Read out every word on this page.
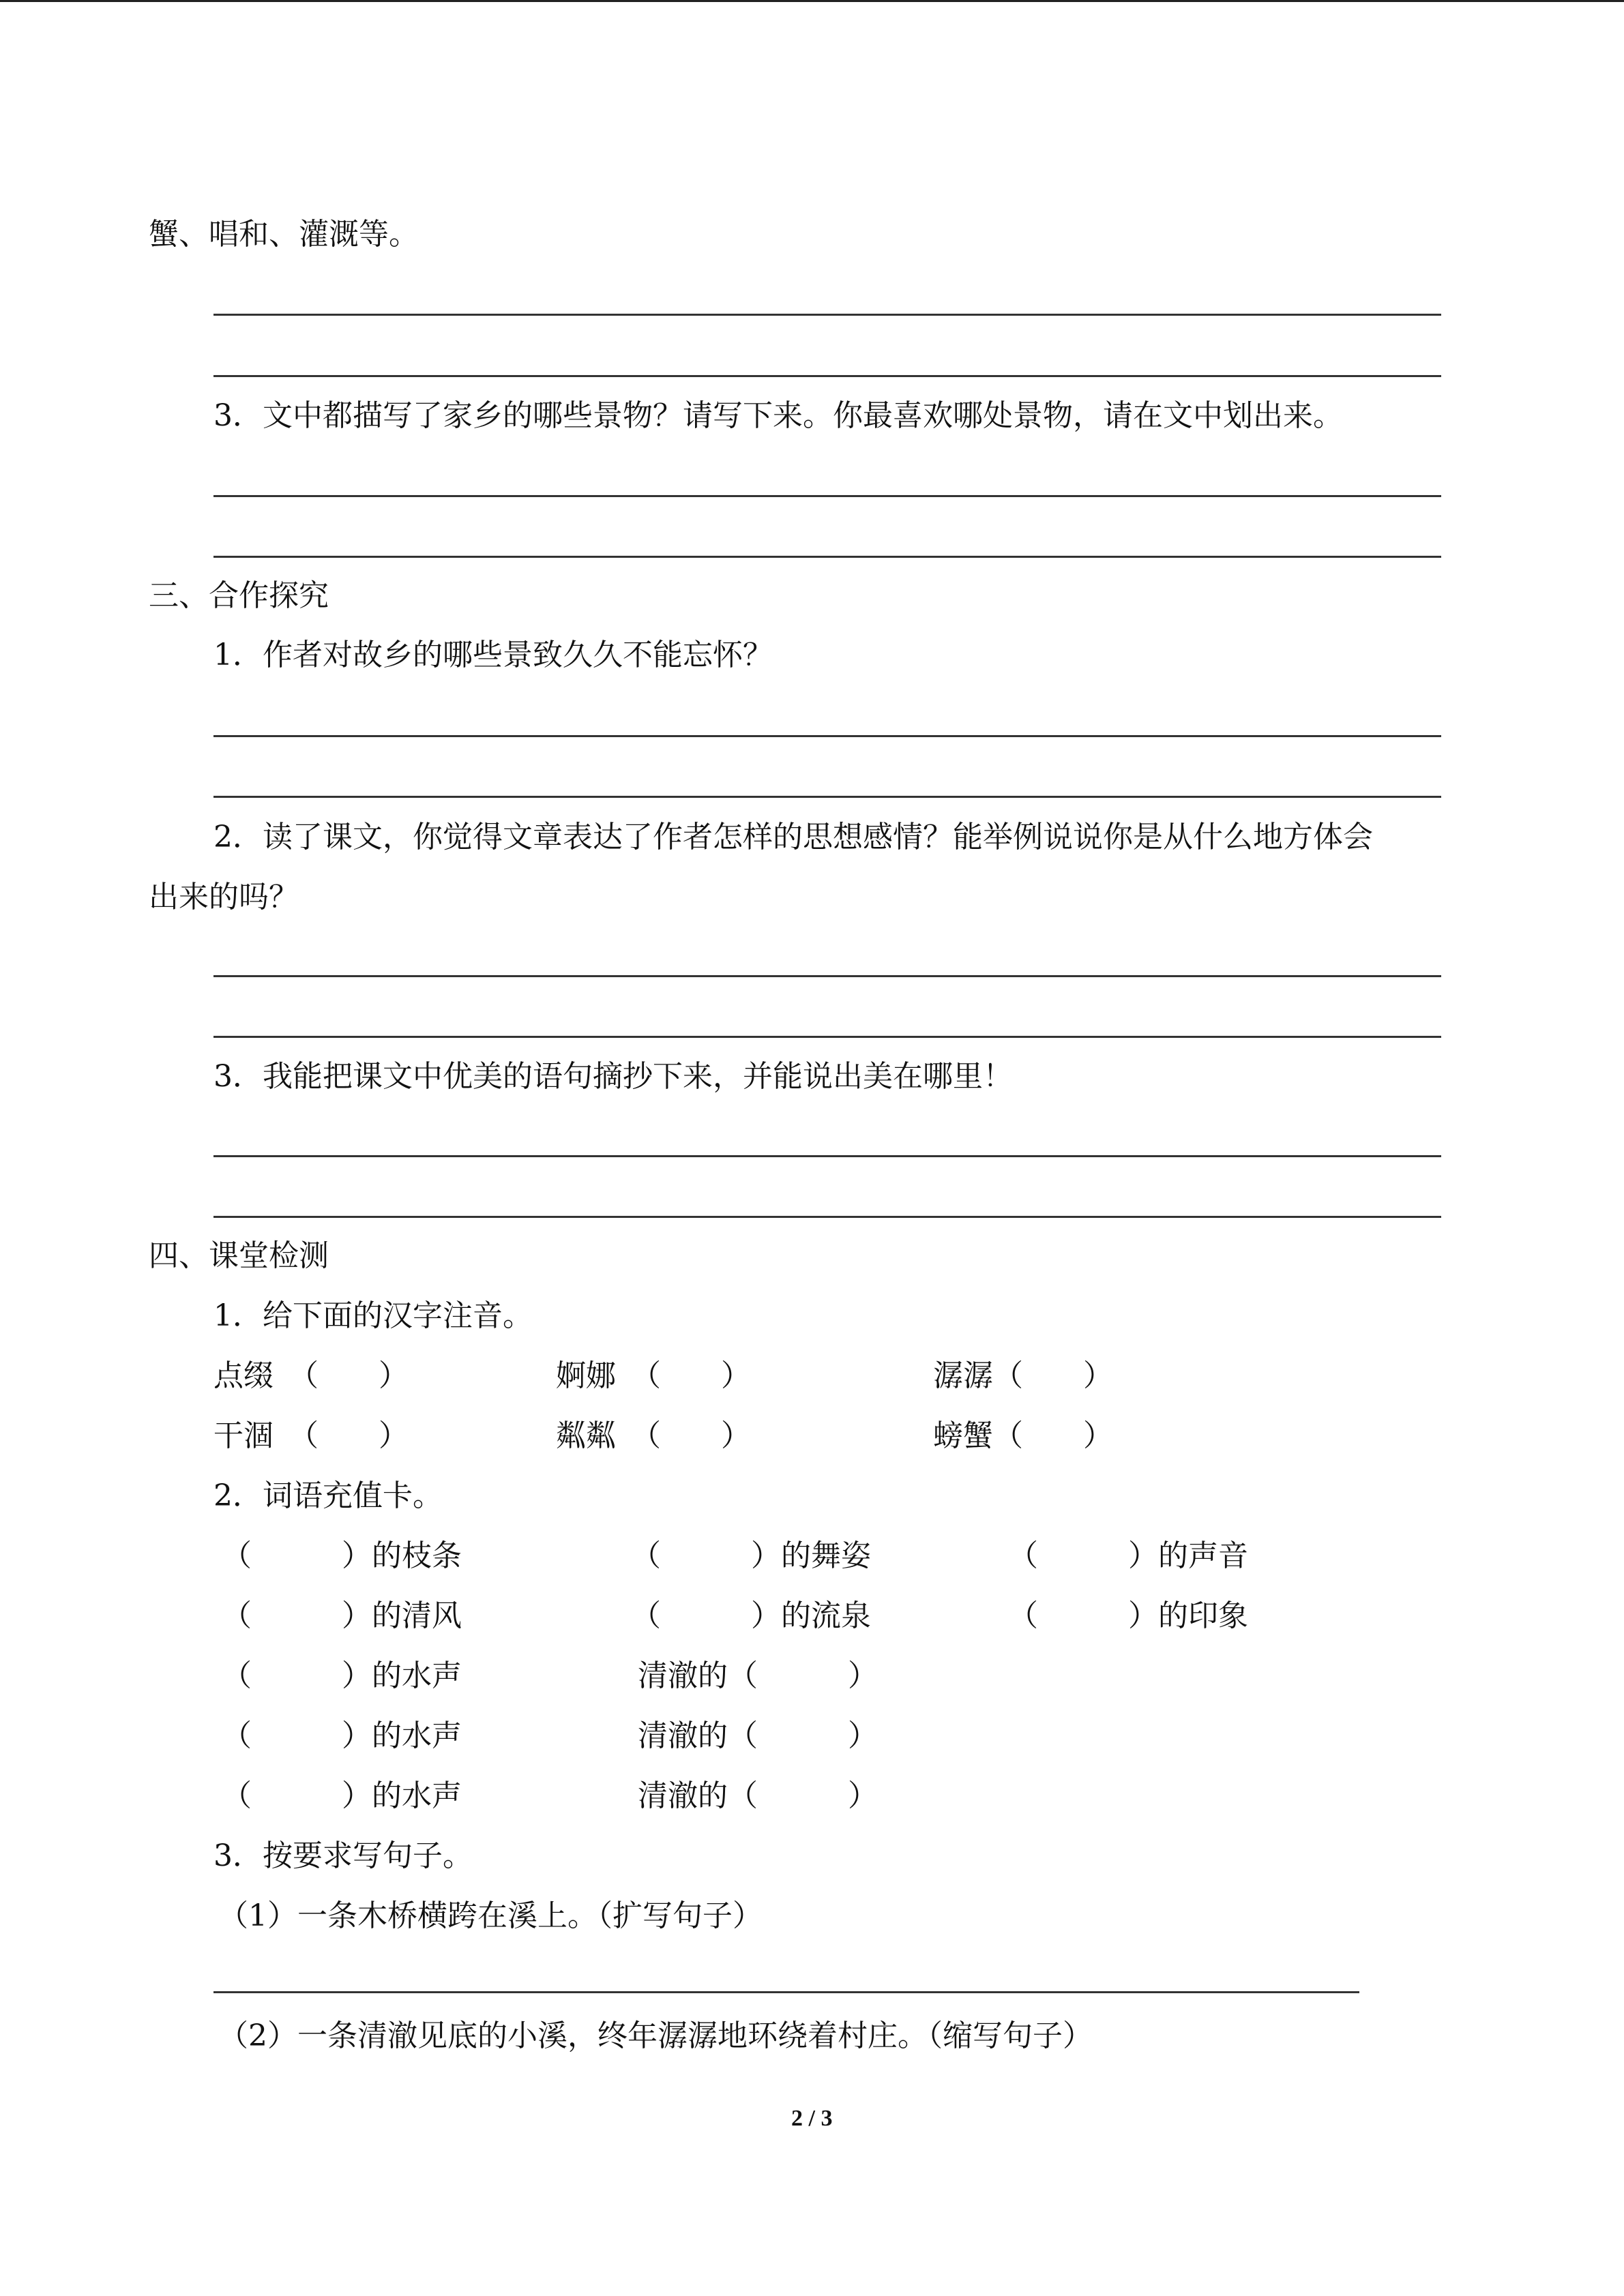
蟹、唱和、灌溉等。
3．文中都描写了家乡的哪些景物？请写下来。你最喜欢哪处景物，请在文中划出来。
三、合作探究
1．作者对故乡的哪些景致久久不能忘怀？
2．读了课文，你觉得文章表达了作者怎样的思想感情？能举例说说你是从什么地方体会
出来的吗？
3．我能把课文中优美的语句摘抄下来，并能说出美在哪里！
四、课堂检测
1．给下面的汉字注音。
点缀　（　　）	婀娜　（　　）	潺潺（　　）
干涸　（　　）	粼粼　（　　）	螃蟹（　　）
2．词语充值卡。
（　　　）的枝条	（　　　）的舞姿	（　　　）的声音
（　　　）的清风	（　　　）的流泉	（　　　）的印象
（　　　）的水声	清澈的（　　　）
（　　　）的水声	清澈的（　　　）
（　　　）的水声	清澈的（　　　）
3．按要求写句子。
（1）一条木桥横跨在溪上。（扩写句子）
（2）一条清澈见底的小溪，终年潺潺地环绕着村庄。（缩写句子）
2 / 3
